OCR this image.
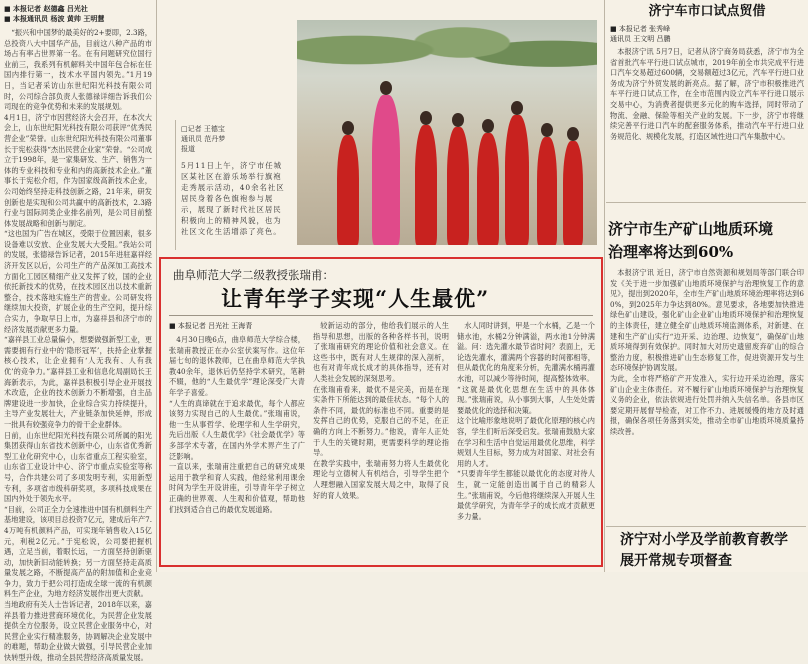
■ 本报记者 赵德鑫 吕光社
■ 本报通讯员 杨波 黄帅 王明慧

“振兴和中国梦的最美好的2+要即，2.3路，总投资八大中国华产品，目前这八种产品的市场占有率占世界第一名。在有问题研究位国行业前三，我系列有机解料关中国年包合标在任国内排行第一，技术水平国内领先。”1月19日，当记者采访山东世纪阳光科技有限公司时，公司综合部负责人张德禄详细告诉我们公司现在的竞争优势和未来的发展规划。
4月1日，济宁市因营经济大会召开，在本次大会上，山东世纪阳光科技有限公司获评“优秀民营企业”荣誉。山东世纪阳光科技有限公司董事长于宪松获得“杰出民营企业家”荣誉。“公司成立于1998年，是一家集研发、生产、销售为一体的专业科技和专业和内的高新技术企业。”董事长于宪松介绍，作为国家级高新技术企业，公司始终坚持走科技创新之路，21年来，研发创新也是实现和公司共赢中的高新技术，2.3路行业与国际同类企业排名前列，是公司目前整体发展战略和创新与制定。
“这也国为广告在城区，受限于位置因素，很多设备难以安放、企业发展大大受阻。”我站公司的发展，张德禄告诉记者，2015年进驻嘉祥经济开发区以后，公司生产的产品深加工高技术方面化工园区精细产业又发挥了较，国的企业依托新技术的优势，在技术园区出以技术重新整合，技术落地实施生产的营业。公司研发将继续加大投资，扩展企业的生产空间，提升综合实力，争取早日上市，为嘉祥县和济宁市的经济发展贡献更多力量。
“嘉祥县工业总量偏小，想要做强新型工业，更需要拥有行业中的‘隐形冠军’，扶持企业掌握核心技术，让企业拥有‘人无我有、人有我优’的竞争力。”嘉祥县工业和信息化局副局长王海新表示，为此，嘉祥县积极引导企业开展技术改造，企业的技术创新力不断增强，自主品牌建设进一步加快，企业综合实力持续提升，主导产业发展壮大，产业链条加快延伸，形成一批具有较强竞争力的骨干企业群体。
日前，山东世纪阳光科技有限公司所属的阳光集团获得山东省技术创新中心，山东省优秀新型工业化研究中心，山东省重点工程实验室，山东省工业设计中心、济宁市重点实验室等称号，合作共建公司了多项发明专利，实用新型专利，多项省市级科研奖项，多项科技成果在国内外处于领先水平。
“目前，公司正全力全速推进中国有机颜料生产基地建设，该项目总投资7亿元，建成后年产7.4万吨有机颜料产品，可实现年销售收入15亿元，利税2亿元。”于宪松说，公司要把握机遇，立足当前，着眼长远，一方面坚持创新驱动，加快新旧动能转换；另一方面坚持走高质量发展之路，不断提高产品的附加值和企业竞争力，致力于把公司打造成全球一流的有机颜料生产企业，为地方经济发展作出更大贡献。
当地政府有关人士告诉记者，2018年以来，嘉祥县着力推进营商环境优化，为民营企业发展提供全方位服务，设立民营企业服务中心，对民营企业实行精准服务，协调解决企业发展中的难题，帮助企业做大做强，引导民营企业加快转型升级，推动全县民营经济高质量发展。

□记者 王德宝
通讯员 范丹梦
报道
5月11日上午，济宁市任城区某社区在游乐场举行旗袍走秀展示活动，40余名社区居民身着各色旗袍参与展示，展现了新时代社区居民积极向上的精神风貌，也为社区文化生活增添了亮色。
济宁车市口试点贸借
■ 本报记者 张秀峰
通讯员 王文明 吕鹏

本报济宁讯 5月7日，记者从济宁商务局获悉，济宁市为全省首批汽车平行进口试点城市，2019年前全市共完成平行进口汽车交易超过600辆，交易额超过3亿元，汽车平行进口业务成为济宁外贸发展的新亮点。据了解，济宁市积极推进汽车平行进口试点工作，在全市范围内设立汽车平行进口展示交易中心，为消费者提供更多元化的购车选择，同时带动了物流、金融、保险等相关产业的发展。下一步，济宁市将继续完善平行进口汽车的配套服务体系，推动汽车平行进口业务规范化、规模化发展，打造区域性进口汽车集散中心。

济宁市生产矿山地质环境
治理率将达到60%

本报济宁讯 近日，济宁市自然资源和规划局等部门联合印发《关于进一步加强矿山地质环境保护与治理恢复工作的意见》，提出到2020年，全市生产矿山地质环境治理率将达到60%，到2025年力争达到80%。意见要求，各地要加快推进绿色矿山建设，强化矿山企业矿山地质环境保护和治理恢复的主体责任，建立健全矿山地质环境监测体系，对新建、在建和生产矿山实行“边开采、边治理、边恢复”，确保矿山地质环境得到有效保护。同时加大对历史遗留废弃矿山的综合整治力度，积极推进矿山生态修复工作，促进资源开发与生态环境保护协调发展。
为此，全市将严格矿产开发准入，实行边开采边治理，落实矿山企业主体责任。对不履行矿山地质环境保护与治理恢复义务的企业，依法依规进行处罚并纳入失信名单。各县市区要定期开展督导检查，对工作不力、进展缓慢的地方及时通报，确保各项任务落到实处，推动全市矿山地质环境质量持续改善。

济宁对小学及学前教育教学
展开常规专项督查
曲阜师范大学二级教授张瑞甫：
让青年学子实现“人生最优”
■ 本报记者 吕光社 王海青

4月30日晚6点，曲阜师范大学综合楼，张瑞甫教授正在办公室伏案写作。这位年届七旬的退休教师，已在曲阜师范大学执教40余年，退休后仍坚持学术研究，笔耕不辍，他的“人生最优学”理论深受广大青年学子喜爱。
“人生的真谛就在于追求最优，每个人都应该努力实现自己的人生最优。”张瑞甫说，他一生从事哲学、伦理学和人生学研究，先后出版《人生最优学》《社会最优学》等多部学术专著，在国内外学术界产生了广泛影响。
一直以来，张瑞甫注重把自己的研究成果运用于教学和育人实践，他经常利用课余时间为学生开设讲座，引导青年学子树立正确的世界观、人生观和价值观，帮助他们找到适合自己的最优发展道路。

较新运动的部分，他给我们展示的人生指导和思想，出版的各种各样书刊，说明了张瑞甫研究的理论价值和社会意义。在这些书中，既有对人生规律的深入剖析，也有对青年成长成才的具体指导，还有对人类社会发展的深刻思考。
在张瑞甫看来，最优不是完美，而是在现实条件下所能达到的最佳状态。“每个人的条件不同，最优的标准也不同。重要的是发挥自己的优势，克服自己的不足，在正确的方向上不断努力。”他说，青年人正处于人生的关键时期，更需要科学的理论指导。
在教学实践中，张瑞甫努力将人生最优化理论与立德树人有机结合，引导学生把个人理想融入国家发展大局之中，取得了良好的育人效果。

水人同时讲到，甲是一个水桶，乙是一个储水池，水桶2分钟满溢，两水池1分钟满溢。问：选先灌水最节省时间？表面上，无论选先灌水，灌满两个容器的时间都相等，但从最优化的角度来分析，先灌满水桶再灌水池，可以减少等待时间，提高整体效率。
“这就是最优化思想在生活中的具体体现。”张瑞甫说，从小事到大事，人生处处需要最优化的选择和决策。
这个比喻形象地说明了最优化原理的核心内容，学生们听后深受启发。张瑞甫鼓励大家在学习和生活中自觉运用最优化思维，科学规划人生目标，努力成为对国家、对社会有用的人才。
“只要青年学生都能以最优化的态度对待人生，就一定能创造出属于自己的精彩人生。”张瑞甫说，今后他将继续深入开展人生最优学研究，为青年学子的成长成才贡献更多力量。
